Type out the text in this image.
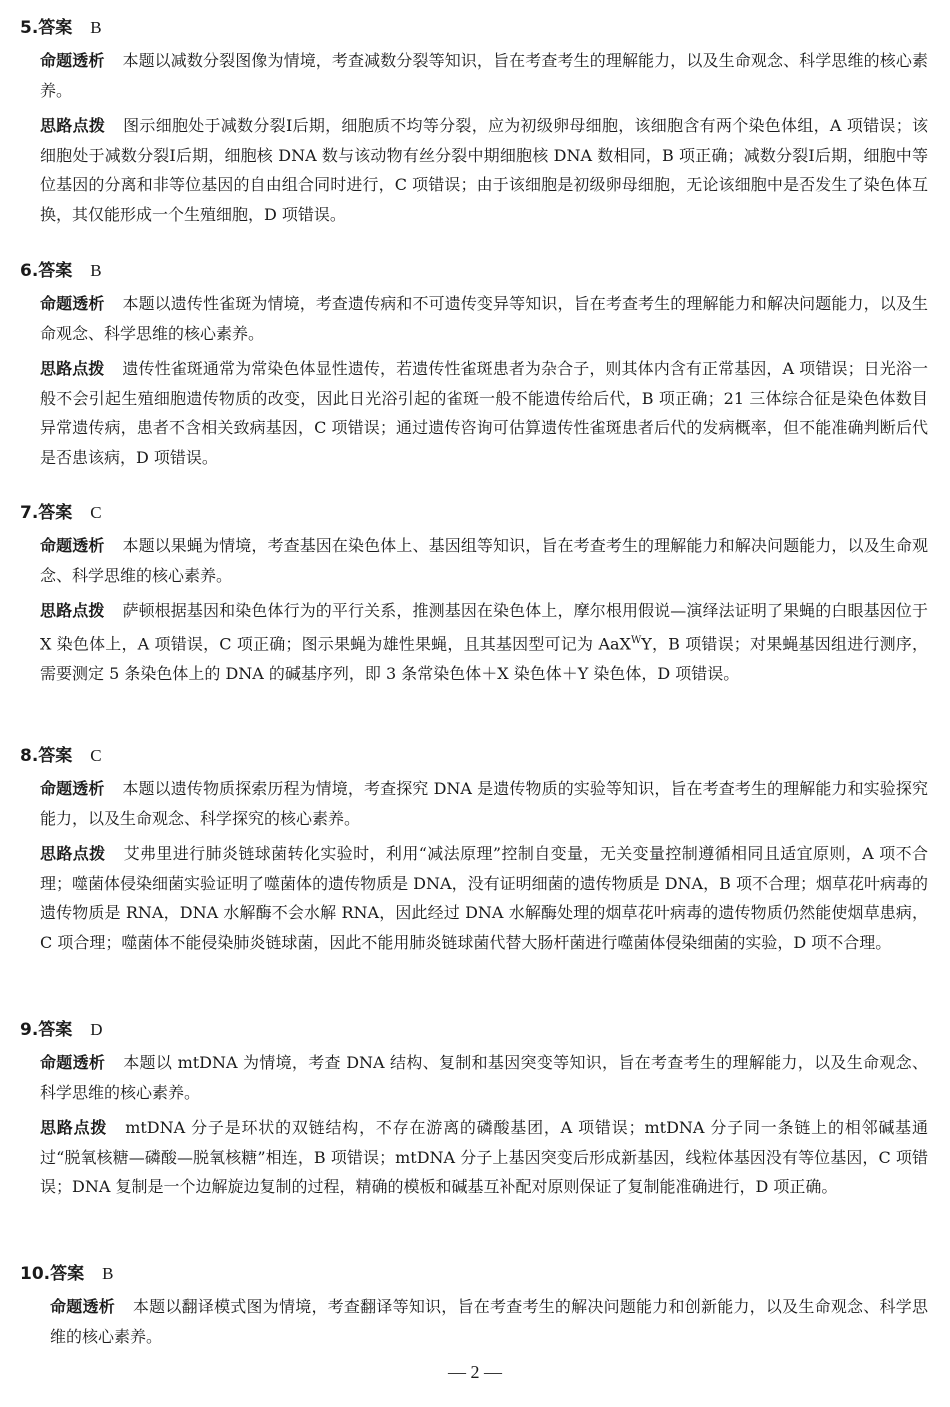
5.答案 B

命题透析 本题以减数分裂图像为情境，考查减数分裂等知识，旨在考查考生的理解能力，以及生命观念、科学思维的核心素养。

思路点拨 图示细胞处于减数分裂Ⅰ后期，细胞质不均等分裂，应为初级卵母细胞，该细胞含有两个染色体组，A 项错误；该细胞处于减数分裂Ⅰ后期，细胞核 DNA 数与该动物有丝分裂中期细胞核 DNA 数相同，B 项正确；减数分裂Ⅰ后期，细胞中等位基因的分离和非等位基因的自由组合同时进行，C 项错误；由于该细胞是初级卵母细胞，无论该细胞中是否发生了染色体互换，其仅能形成一个生殖细胞，D 项错误。

6.答案 B

命题透析 本题以遗传性雀斑为情境，考查遗传病和不可遗传变异等知识，旨在考查考生的理解能力和解决问题能力，以及生命观念、科学思维的核心素养。

思路点拨 遗传性雀斑通常为常染色体显性遗传，若遗传性雀斑患者为杂合子，则其体内含有正常基因，A 项错误；日光浴一般不会引起生殖细胞遗传物质的改变，因此日光浴引起的雀斑一般不能遗传给后代，B 项正确；21 三体综合征是染色体数目异常遗传病，患者不含相关致病基因，C 项错误；通过遗传咨询可估算遗传性雀斑患者后代的发病概率，但不能准确判断后代是否患该病，D 项错误。

7.答案 C

命题透析 本题以果蝇为情境，考查基因在染色体上、基因组等知识，旨在考查考生的理解能力和解决问题能力，以及生命观念、科学思维的核心素养。

思路点拨 萨顿根据基因和染色体行为的平行关系，推测基因在染色体上，摩尔根用假说—演绎法证明了果蝇的白眼基因位于 X 染色体上，A 项错误，C 项正确；图示果蝇为雄性果蝇，且其基因型可记为 AaX$^W$Y，B 项错误；对果蝇基因组进行测序，需要测定 5 条染色体上的 DNA 的碱基序列，即 3 条常染色体＋X 染色体＋Y 染色体，D 项错误。

8.答案 C

命题透析 本题以遗传物质探索历程为情境，考查探究 DNA 是遗传物质的实验等知识，旨在考查考生的理解能力和实验探究能力，以及生命观念、科学探究的核心素养。

思路点拨 艾弗里进行肺炎链球菌转化实验时，利用“减法原理”控制自变量，无关变量控制遵循相同且适宜原则，A 项不合理；噬菌体侵染细菌实验证明了噬菌体的遗传物质是 DNA，没有证明细菌的遗传物质是 DNA，B 项不合理；烟草花叶病毒的遗传物质是 RNA，DNA 水解酶不会水解 RNA，因此经过 DNA 水解酶处理的烟草花叶病毒的遗传物质仍然能使烟草患病，C 项合理；噬菌体不能侵染肺炎链球菌，因此不能用肺炎链球菌代替大肠杆菌进行噬菌体侵染细菌的实验，D 项不合理。

9.答案 D

命题透析 本题以 mtDNA 为情境，考查 DNA 结构、复制和基因突变等知识，旨在考查考生的理解能力，以及生命观念、科学思维的核心素养。

思路点拨 mtDNA 分子是环状的双链结构，不存在游离的磷酸基团，A 项错误；mtDNA 分子同一条链上的相邻碱基通过“脱氧核糖—磷酸—脱氧核糖”相连，B 项错误；mtDNA 分子上基因突变后形成新基因，线粒体基因没有等位基因，C 项错误；DNA 复制是一个边解旋边复制的过程，精确的模板和碱基互补配对原则保证了复制能准确进行，D 项正确。

10.答案 B

命题透析 本题以翻译模式图为情境，考查翻译等知识，旨在考查考生的解决问题能力和创新能力，以及生命观念、科学思维的核心素养。

— 2 —
